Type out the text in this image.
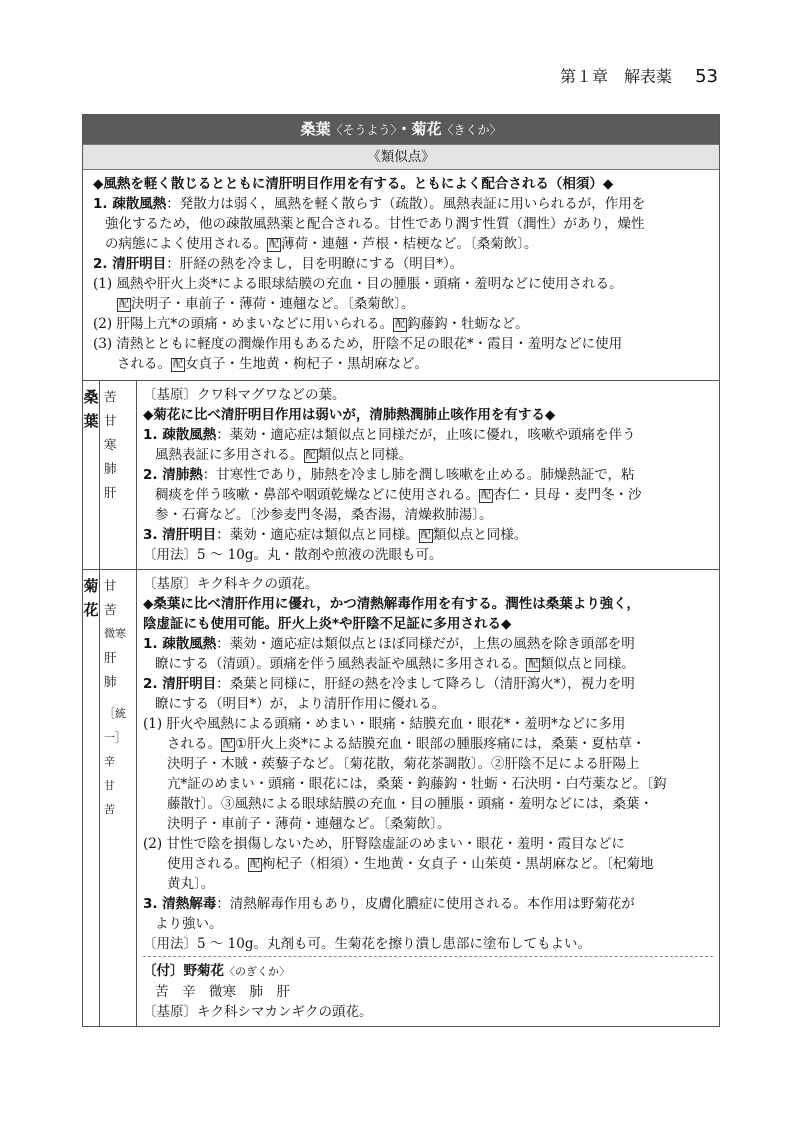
第１章　解表薬 53
桑葉〈そうよう〉・菊花〈きくか〉
《類似点》
◆風熱を軽く散じるとともに清肝明目作用を有する。ともによく配合される（相須）◆
1. 疎散風熱：発散力は弱く，風熱を軽く散らす（疏散）。風熱表証に用いられるが，作用を
強化するため，他の疎散風熱薬と配合される。甘性であり潤す性質（潤性）があり，燥性
の病態によく使用される。 配 薄荷・連翹・芦根・桔梗など。〔桑菊飲〕。
2. 清肝明目：肝経の熱を冷まし，目を明瞭にする（明目*）。
(1) 風熱や肝火上炎*による眼球結膜の充血・目の腫脹・頭痛・羞明などに使用される。
配 決明子・車前子・薄荷・連翹など。〔桑菊飲〕。
(2) 肝陽上亢*の頭痛・めまいなどに用いられる。 配 鈎藤鈎・牡蛎など。
(3) 清熱とともに軽度の潤燥作用もあるため，肝陰不足の眼花*・霞目・羞明などに使用
される。 配 女貞子・生地黄・枸杞子・黒胡麻など。
桑
葉
苦
甘
寒
肺
肝
〔基原〕クワ科マグワなどの葉。
◆菊花に比べ清肝明目作用は弱いが，清肺熱潤肺止咳作用を有する◆
1. 疎散風熱：薬効・適応症は類似点と同様だが，止咳に優れ，咳嗽や頭痛を伴う
風熱表証に多用される。 配 類似点と同様。
2. 清肺熱：甘寒性であり，肺熱を冷まし肺を潤し咳嗽を止める。肺燥熱証で，粘
稠痰を伴う咳嗽・鼻部や咽頭乾燥などに使用される。 配 杏仁・貝母・麦門冬・沙
参・石膏など。〔沙参麦門冬湯，桑杏湯，清燥救肺湯〕。
3. 清肝明目：薬効・適応症は類似点と同様。 配 類似点と同様。
〔用法〕5 ～ 10g。丸・散剤や煎液の洗眼も可。
菊
花
甘
苦
微寒
肝
肺
［統一］
辛
甘
苦
〔基原〕キク科キクの頭花。
◆桑葉に比べ清肝作用に優れ，かつ清熱解毒作用を有する。潤性は桑葉より強く，
陰虚証にも使用可能。肝火上炎*や肝陰不足証に多用される◆
1. 疎散風熱：薬効・適応症は類似点とほぼ同様だが，上焦の風熱を除き頭部を明
瞭にする（清頭）。頭痛を伴う風熱表証や風熱に多用される。 配 類似点と同様。
2. 清肝明目：桑葉と同様に，肝経の熱を冷まして降ろし（清肝瀉火*），視力を明
瞭にする（明目*）が，より清肝作用に優れる。
(1) 肝火や風熱による頭痛・めまい・眼痛・結膜充血・眼花*・羞明*などに多用
される。 配 ①肝火上炎*による結膜充血・眼部の腫脹疼痛には，桑葉・夏枯草・
決明子・木賊・蒺藜子など。〔菊花散，菊花茶調散〕。②肝陰不足による肝陽上
亢*証のめまい・頭痛・眼花には，桑葉・鈎藤鈎・牡蛎・石決明・白芍薬など。〔鈎
藤散†〕。③風熱による眼球結膜の充血・目の腫脹・頭痛・羞明などには，桑葉・
決明子・車前子・薄荷・連翹など。〔桑菊飲〕。
(2) 甘性で陰を損傷しないため，肝腎陰虚証のめまい・眼花・羞明・霞目などに
使用される。 配 枸杞子（相須）・生地黄・女貞子・山茱萸・黒胡麻など。〔杞菊地
黄丸〕。
3. 清熱解毒：清熱解毒作用もあり，皮膚化膿症に使用される。本作用は野菊花が
より強い。
〔用法〕5 ～ 10g。丸剤も可。生菊花を擦り潰し患部に塗布してもよい。
〔付〕野菊花〈のぎくか〉
苦　辛　微寒　肺　肝
〔基原〕キク科シマカンギクの頭花。
